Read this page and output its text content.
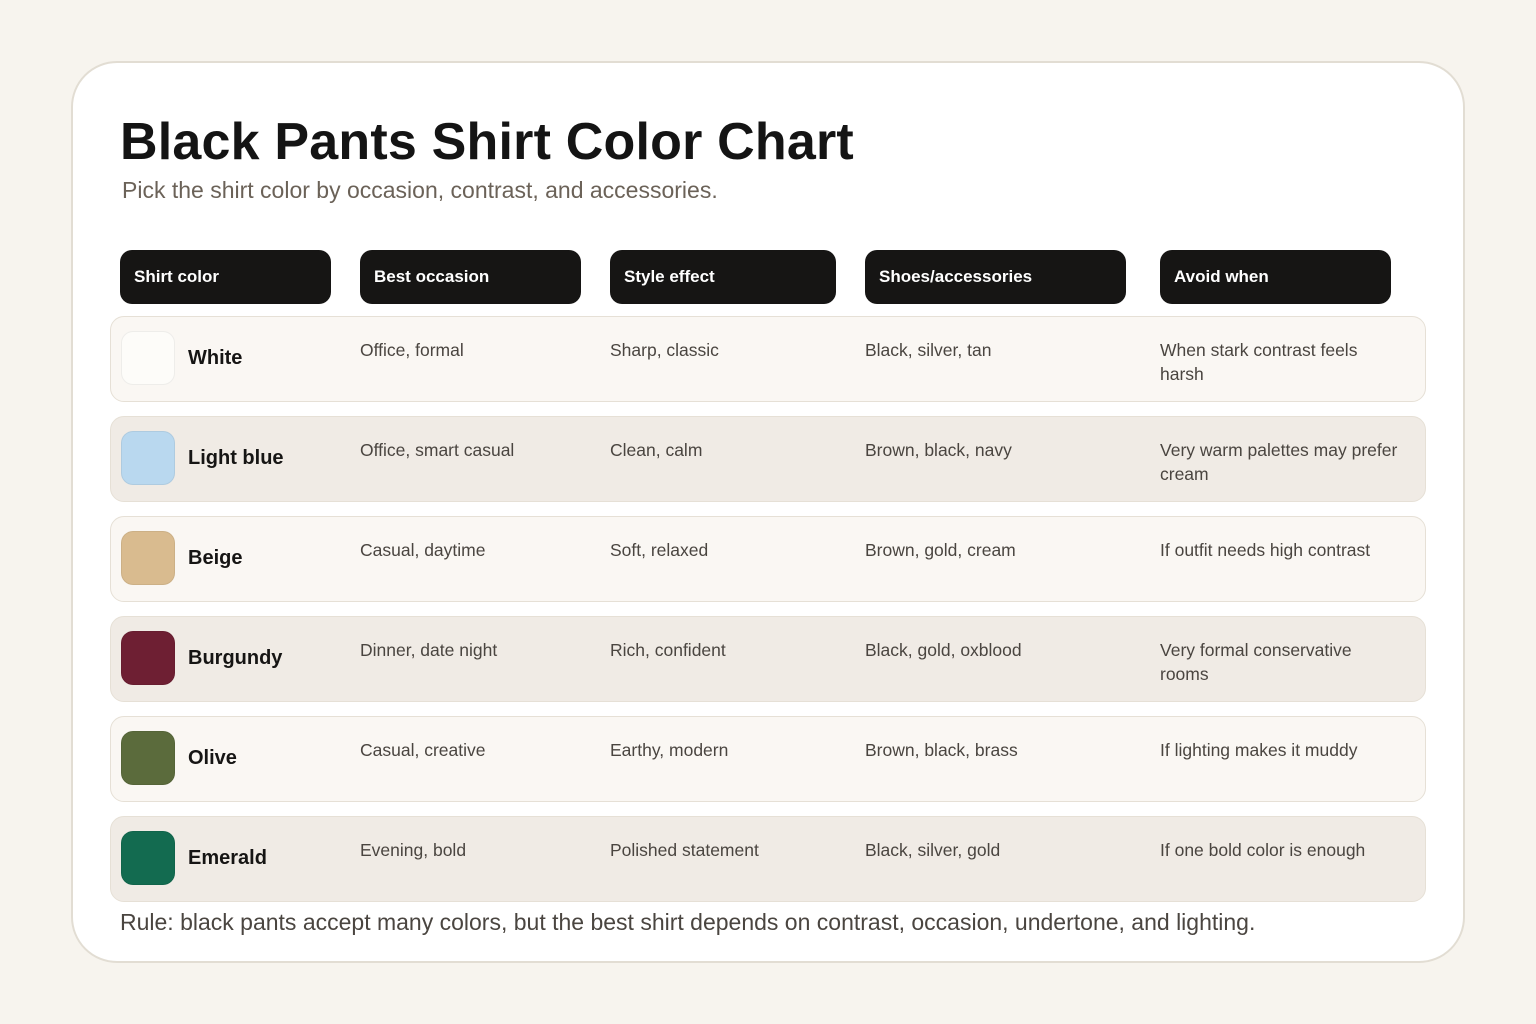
Black Pants Shirt Color Chart

Pick the shirt color by occasion, contrast, and accessories.

Shirt color	Best occasion	Style effect	Shoes/accessories	Avoid when
White	Office, formal	Sharp, classic	Black, silver, tan	When stark contrast feels harsh
Light blue	Office, smart casual	Clean, calm	Brown, black, navy	Very warm palettes may prefer cream
Beige	Casual, daytime	Soft, relaxed	Brown, gold, cream	If outfit needs high contrast
Burgundy	Dinner, date night	Rich, confident	Black, gold, oxblood	Very formal conservative rooms
Olive	Casual, creative	Earthy, modern	Brown, black, brass	If lighting makes it muddy
Emerald	Evening, bold	Polished statement	Black, silver, gold	If one bold color is enough

Rule: black pants accept many colors, but the best shirt depends on contrast, occasion, undertone, and lighting.
